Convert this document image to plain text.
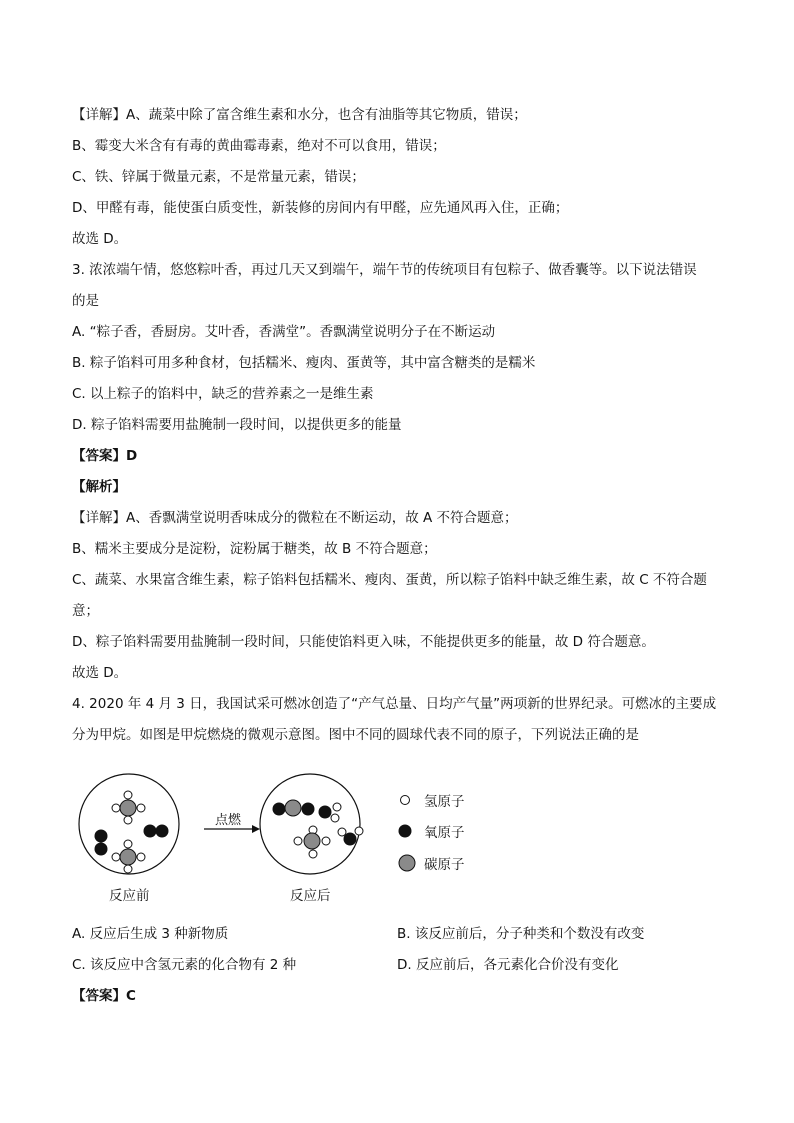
【详解】A、蔬菜中除了富含维生素和水分，也含有油脂等其它物质，错误；
B、霉变大米含有有毒的黄曲霉毒素，绝对不可以食用，错误；
C、铁、锌属于微量元素，不是常量元素，错误；
D、甲醛有毒，能使蛋白质变性，新装修的房间内有甲醛，应先通风再入住，正确；
故选 D。
3. 浓浓端午情，悠悠粽叶香，再过几天又到端午，端午节的传统项目有包粽子、做香囊等。以下说法错误
的是
A. “粽子香，香厨房。艾叶香，香满堂”。香飘满堂说明分子在不断运动
B. 粽子馅料可用多种食材，包括糯米、瘦肉、蛋黄等，其中富含糖类的是糯米
C. 以上粽子的馅料中，缺乏的营养素之一是维生素
D. 粽子馅料需要用盐腌制一段时间，以提供更多的能量
【答案】D
【解析】
【详解】A、香飘满堂说明香味成分的微粒在不断运动，故 A 不符合题意；
B、糯米主要成分是淀粉，淀粉属于糖类，故 B 不符合题意；
C、蔬菜、水果富含维生素，粽子馅料包括糯米、瘦肉、蛋黄，所以粽子馅料中缺乏维生素，故 C 不符合题
意；
D、粽子馅料需要用盐腌制一段时间，只能使馅料更入味，不能提供更多的能量，故 D 符合题意。
故选 D。
4. 2020 年 4 月 3 日，我国试采可燃冰创造了“产气总量、日均产气量”两项新的世界纪录。可燃冰的主要成
分为甲烷。如图是甲烷燃烧的微观示意图。图中不同的圆球代表不同的原子，下列说法正确的是
点燃
反应前	反应后
氢原子
氧原子
碳原子
A. 反应后生成 3 种新物质	B. 该反应前后，分子种类和个数没有改变
C. 该反应中含氢元素的化合物有 2 种	D. 反应前后，各元素化合价没有变化
【答案】C
